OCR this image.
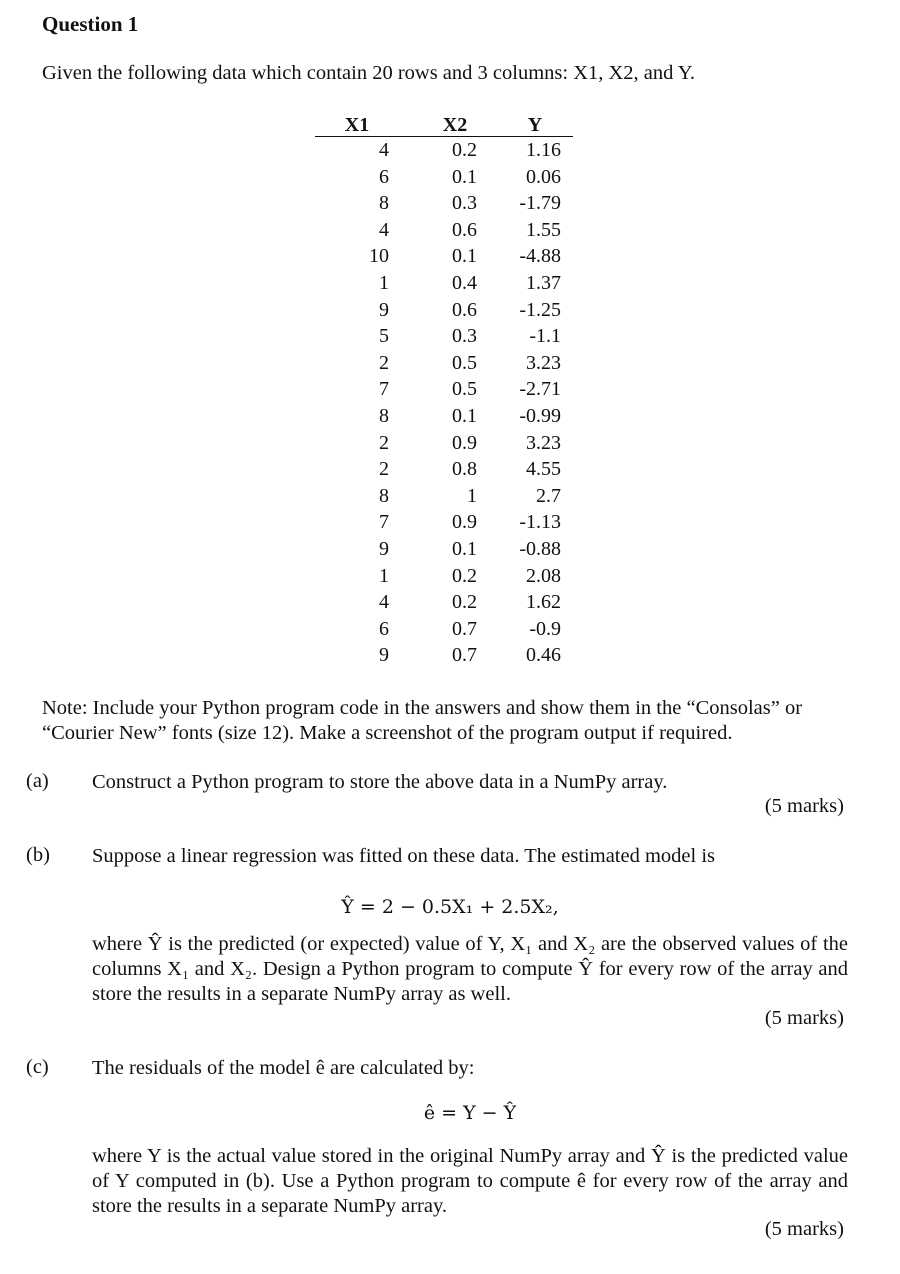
Question 1
Given the following data which contain 20 rows and 3 columns: X1, X2, and Y.
X1	X2	Y
4	0.2	1.16
6	0.1	0.06
8	0.3	-1.79
4	0.6	1.55
10	0.1	-4.88
1	0.4	1.37
9	0.6	-1.25
5	0.3	-1.1
2	0.5	3.23
7	0.5	-2.71
8	0.1	-0.99
2	0.9	3.23
2	0.8	4.55
8	1	2.7
7	0.9	-1.13
9	0.1	-0.88
1	0.2	2.08
4	0.2	1.62
6	0.7	-0.9
9	0.7	0.46
Note: Include your Python program code in the answers and show them in the “Consolas” or “Courier New” fonts (size 12). Make a screenshot of the program output if required.
(a) Construct a Python program to store the above data in a NumPy array.
(5 marks)
(b) Suppose a linear regression was fitted on these data. The estimated model is
Ŷ = 2 − 0.5X₁ + 2.5X₂,
where Ŷ is the predicted (or expected) value of Y, X₁ and X₂ are the observed values of the columns X₁ and X₂. Design a Python program to compute Ŷ for every row of the array and store the results in a separate NumPy array as well.
(5 marks)
(c) The residuals of the model ê are calculated by:
ê = Y − Ŷ
where Y is the actual value stored in the original NumPy array and Ŷ is the predicted value of Y computed in (b). Use a Python program to compute ê for every row of the array and store the results in a separate NumPy array.
(5 marks)
